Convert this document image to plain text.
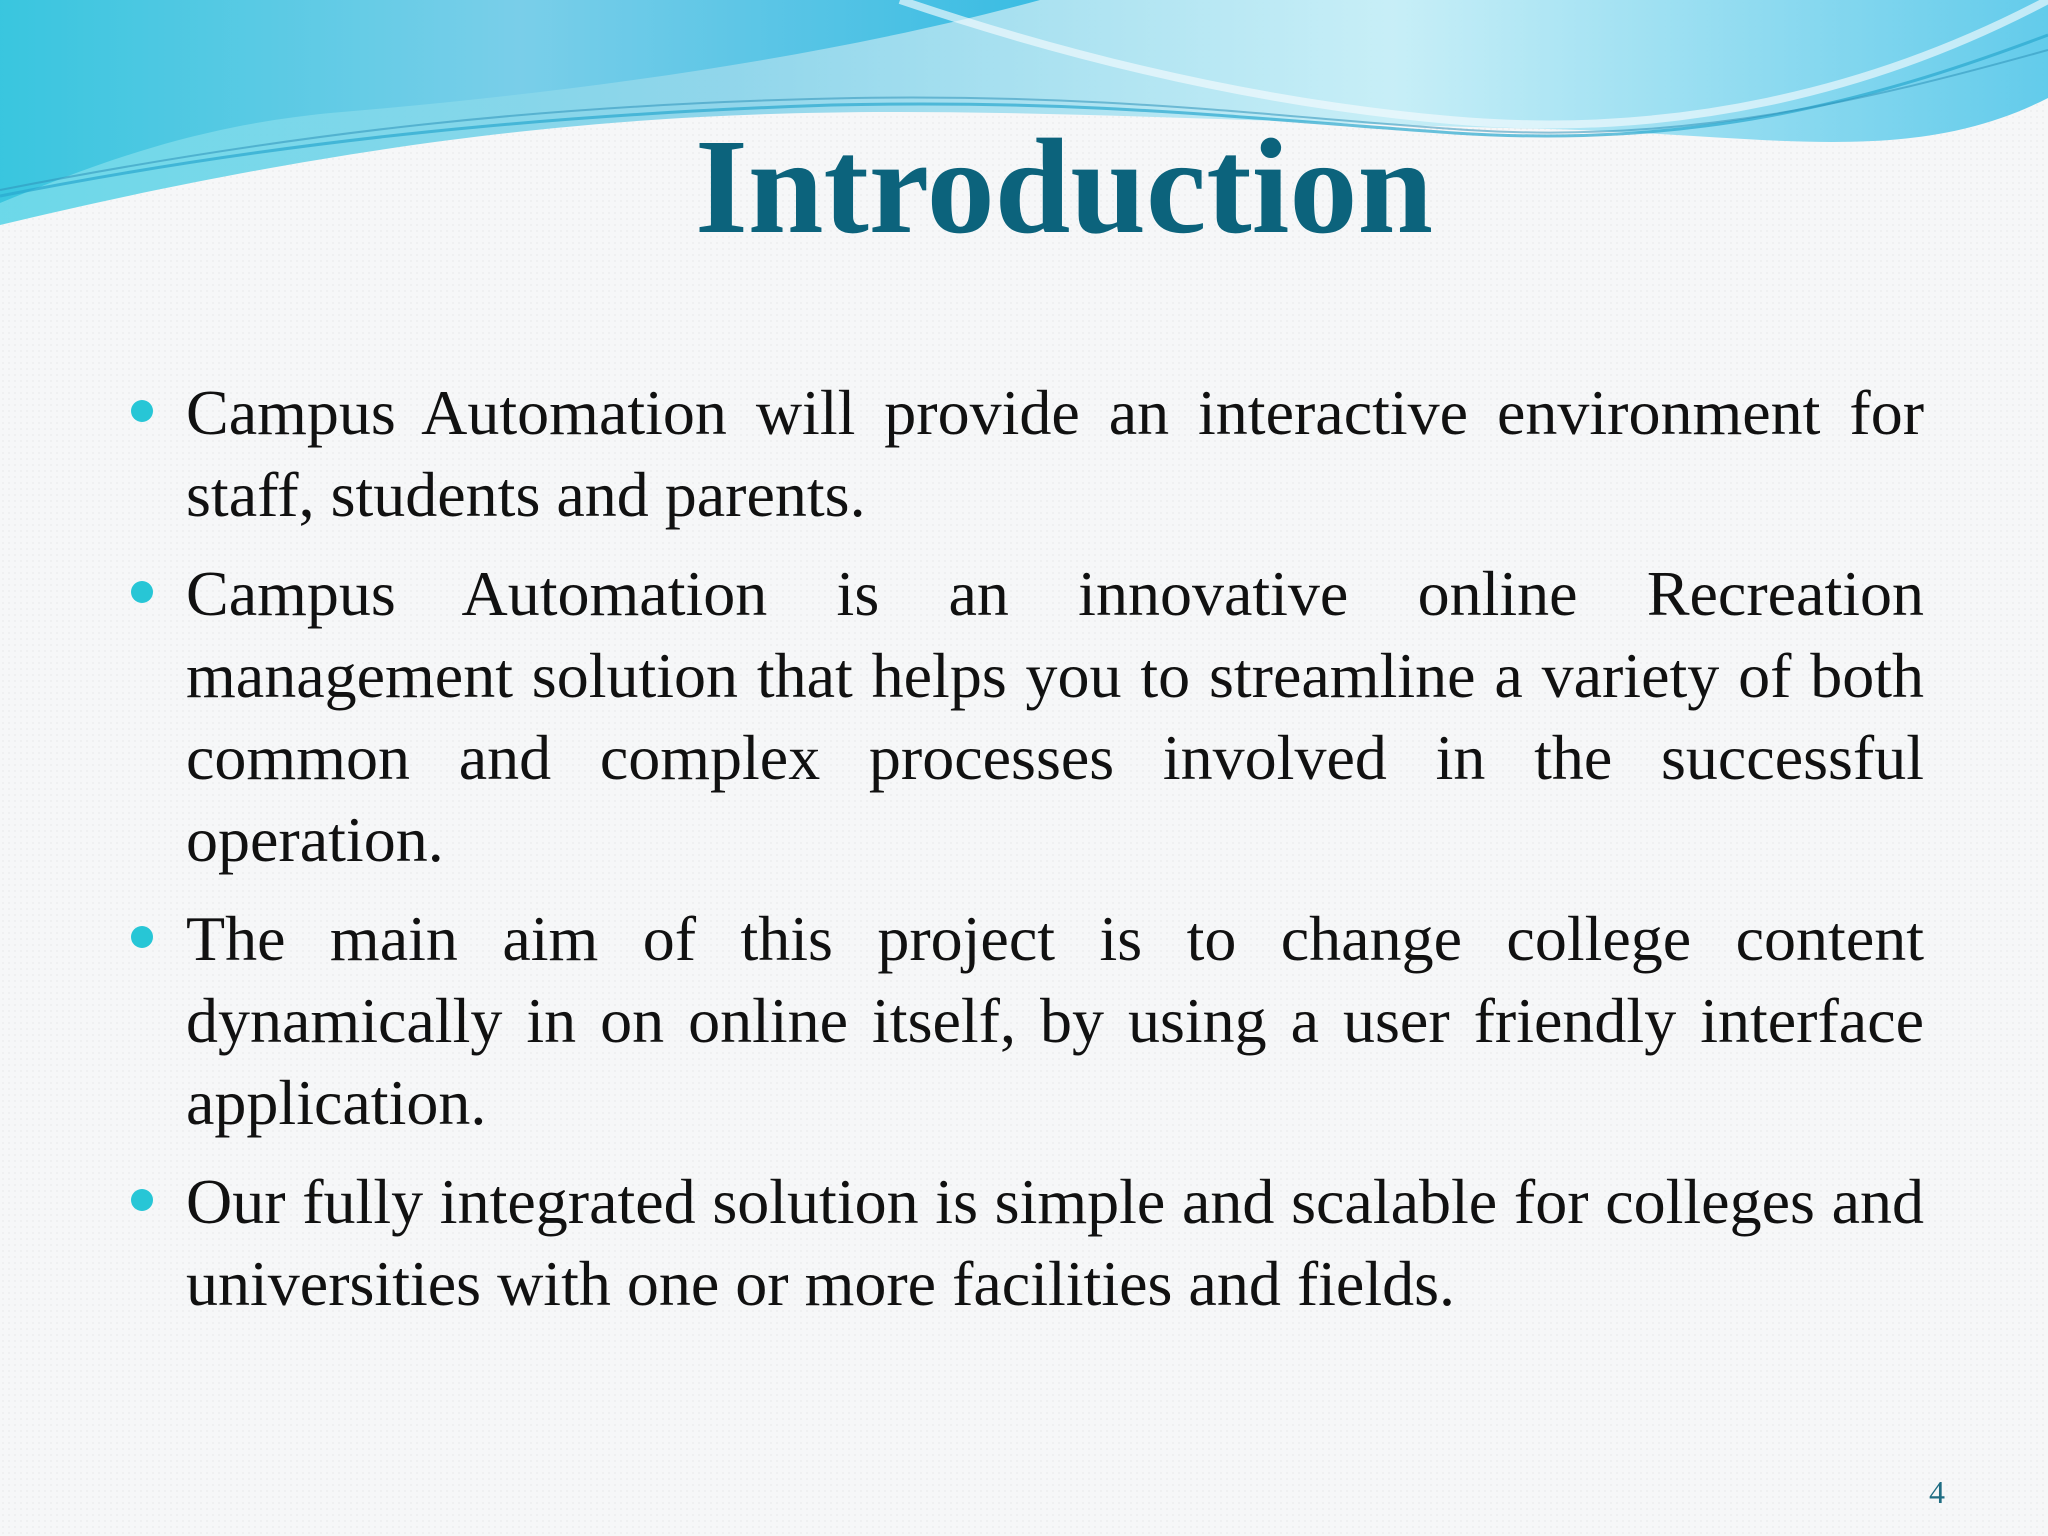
Introduction
Campus Automation will provide an interactive environment for staff, students and parents.
Campus Automation is an innovative online Recreation management solution that helps you to streamline a variety of both common and complex processes involved in the successful operation.
The main aim of this project is to change college content dynamically in on online itself, by using a user friendly interface application.
Our fully integrated solution is simple and scalable for colleges and universities with one or more facilities and fields.
4
